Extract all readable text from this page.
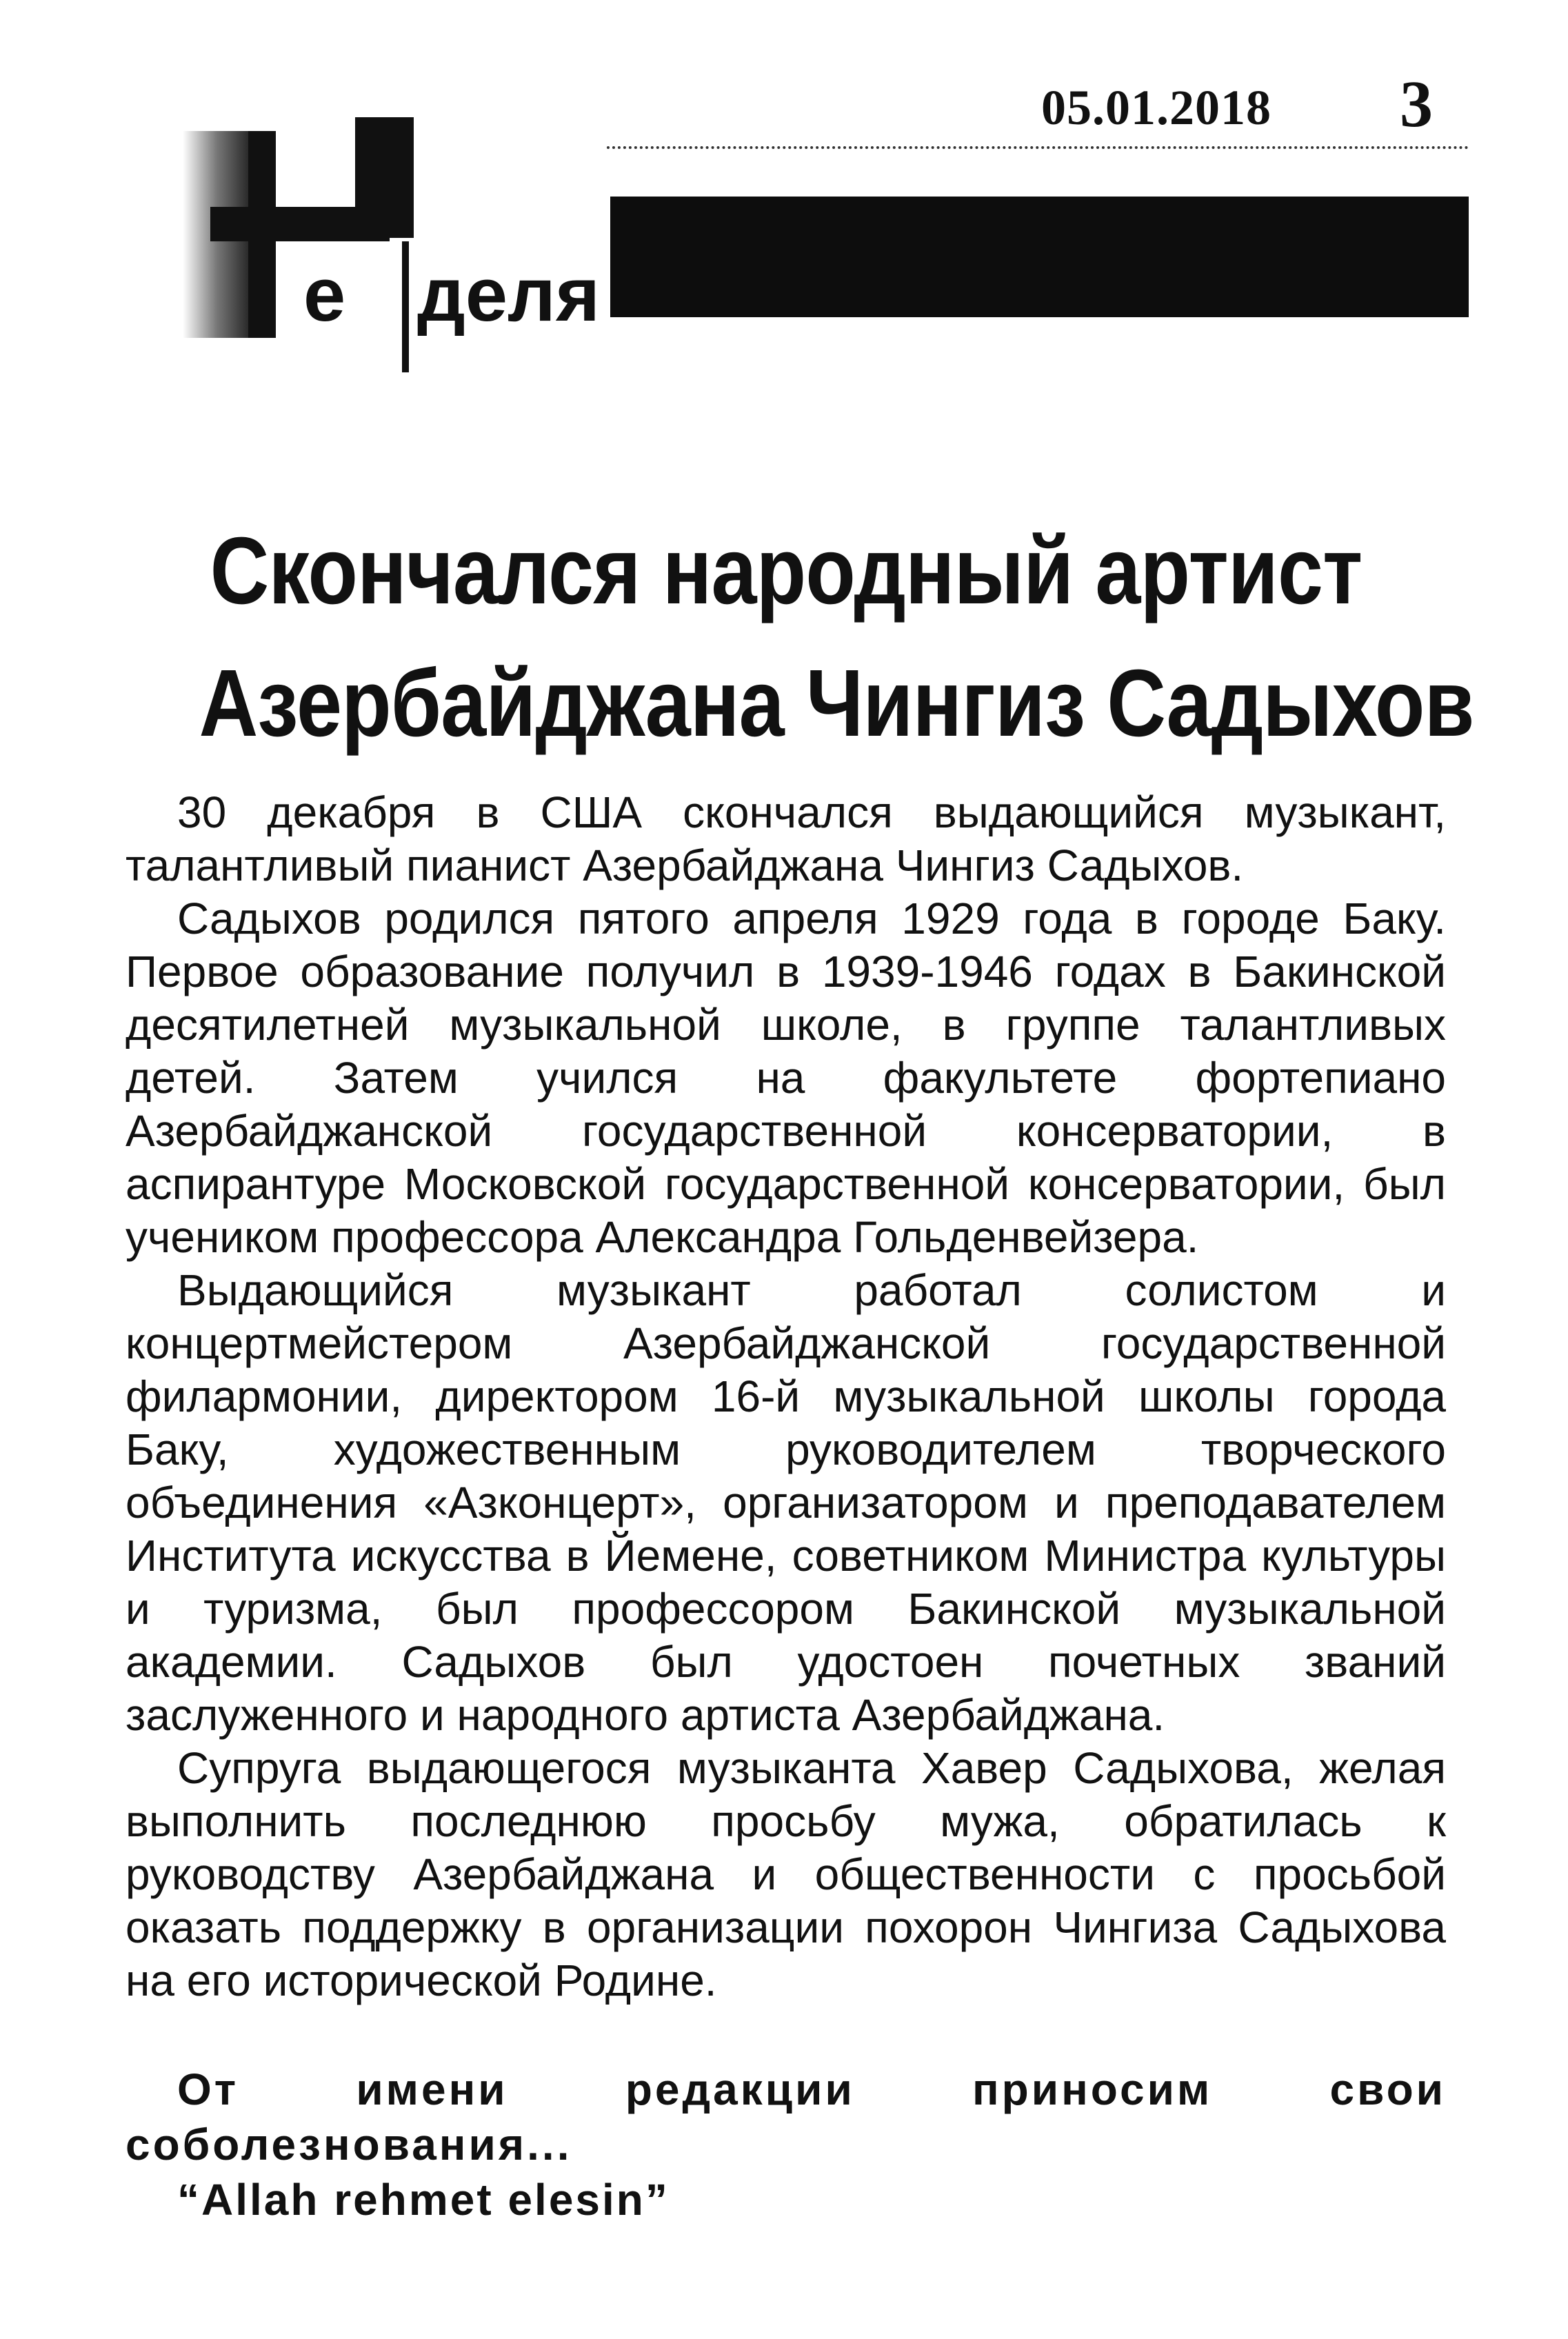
е деля
05.01.2018 3
Скончался народный артист
Азербайджана Чингиз Садыхов

30 декабря в США скончался выдающийся музыкант, талантливый пианист Азербайджана Чингиз Садыхов.

Садыхов родился пятого апреля 1929 года в городе Баку. Первое образование получил в 1939-1946 годах в Бакинской десятилетней музыкальной школе, в группе талантливых детей. Затем учился на факультете фортепиано Азербайджанской государственной консерватории, в аспирантуре Московской государственной консерватории, был учеником профессора Александра Гольденвейзера.

Выдающийся музыкант работал солистом и концертмейстером Азербайджанской государственной филармонии, директором 16-й музыкальной школы города Баку, художественным руководителем творческого объединения «Азконцерт», организатором и преподавателем Института искусства в Йемене, советником Министра культуры и туризма, был профессором Бакинской музыкальной академии. Садыхов был удостоен почетных званий заслуженного и народного артиста Азербайджана.

Супруга выдающегося музыканта Хавер Садыхова, желая выполнить последнюю просьбу мужа, обратилась к руководству Азербайджана и общественности с просьбой оказать поддержку в организации похорон Чингиза Садыхова на его исторической Родине.

От	имени	редакции	приносим	свои
соболезнования...
“Allah rehmet elesin”
